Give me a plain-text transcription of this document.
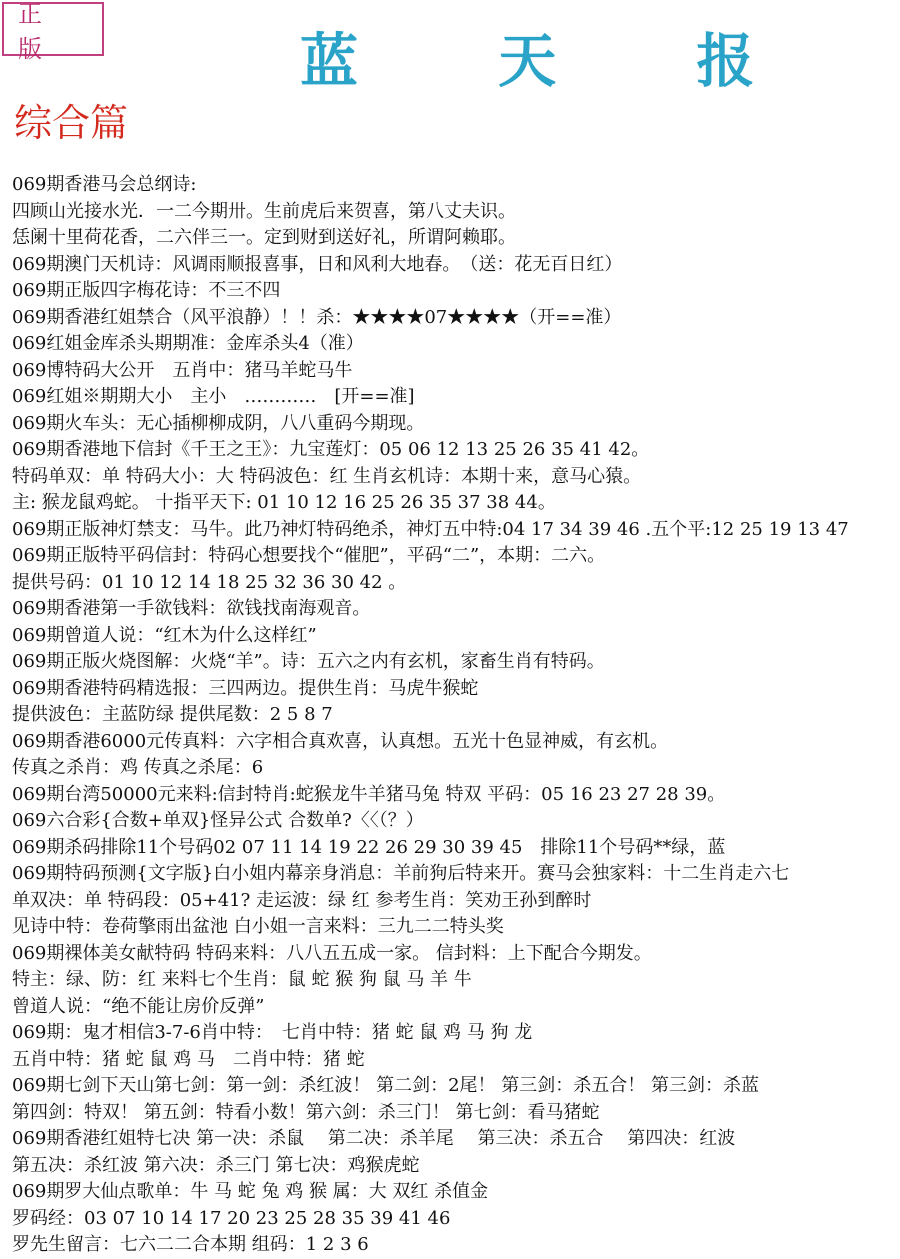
正 版	蓝 天 报
综合篇
069期香港马会总纲诗:
四顾山光接水光．一二今期卅。生前虎后来贺喜，第八丈夫识。
恁阑十里荷花香，二六伴三一。定到财到送好礼，所谓阿赖耶。
069期澳门天机诗：风调雨顺报喜事，日和风利大地春。　（送：花无百日红）
069期正版四字梅花诗：不三不四
069期香港红姐禁合（风平浪静）！！杀：★★★★07★★★★（开==准）
069红姐金库杀头期期准：金库杀头4（准）
069博特码大公开　五肖中：猪马羊蛇马牛
069红姐※期期大小　主小　…………　[开==准]
069期火车头：无心插柳柳成阴，八八重码今期现。
069期香港地下信封《千王之王》：九宝莲灯：05 06 12 13 25 26 35 41 42。
特码单双：单 特码大小：大 特码波色：红 生肖玄机诗：本期十来，意马心猿。
主: 猴龙鼠鸡蛇。 十指平天下: 01 10 12 16 25 26 35 37 38 44。
069期正版神灯禁支：马牛。此乃神灯特码绝杀，神灯五中特:04 17 34 39 46 .五个平:12 25 19 13 47
069期正版特平码信封：特码心想要找个“催肥”，平码“二”，本期：二六。
提供号码：01 10 12 14 18 25 32 36 30 42 。
069期香港第一手欲钱料：欲钱找南海观音。
069期曾道人说：“红木为什么这样红”
069期正版火烧图解：火烧“羊”。诗：五六之内有玄机，家畜生肖有特码。
069期香港特码精选报：三四两边。提供生肖：马虎牛猴蛇
提供波色：主蓝防绿 提供尾数：2 5 8 7
069期香港6000元传真料：六字相合真欢喜，认真想。五光十色显神威，有玄机。
传真之杀肖：鸡 传真之杀尾：6
069期台湾50000元来料:信封特肖:蛇猴龙牛羊猪马兔 特双 平码：05 16 23 27 28 39。
069六合彩{合数+单双}怪异公式 合数单?〈〈（？）
069期杀码排除11个号码02 07 11 14 19 22 26 29 30 39 45　排除11个号码**绿，蓝
069期特码预测{文字版}白小姐内幕亲身消息：羊前狗后特来开。赛马会独家料：十二生肖走六七
单双决：单 特码段：05+41? 走运波：绿 红 参考生肖：笑劝王孙到醉时
见诗中特：卷荷擎雨出盆池 白小姐一言来料：三九二二特头奖
069期裸体美女献特码 特码来料：八八五五成一家。 信封料：上下配合今期发。
特主：绿、防：红 来料七个生肖：鼠 蛇 猴 狗 鼠 马 羊 牛
曾道人说：“绝不能让房价反弹”
069期：鬼才相信3-7-6肖中特：　七肖中特：猪 蛇 鼠 鸡 马 狗 龙
五肖中特：猪 蛇 鼠 鸡 马　二肖中特：猪 蛇
069期七剑下天山第七剑：第一剑：杀红波！ 第二剑：2尾！ 第三剑：杀五合！ 第三剑：杀蓝
第四剑：特双！ 第五剑：特看小数！第六剑：杀三门！ 第七剑：看马猪蛇
069期香港红姐特七决 第一决：杀鼠　 第二决：杀羊尾　 第三决：杀五合　 第四决：红波
第五决：杀红波 第六决：杀三门 第七决：鸡猴虎蛇
069期罗大仙点歌单：牛 马 蛇 兔 鸡 猴 属：大 双红 杀值金
罗码经：03 07 10 14 17 20 23 25 28 35 39 41 46
罗先生留言：七六二二合本期 组码：1 2 3 6
